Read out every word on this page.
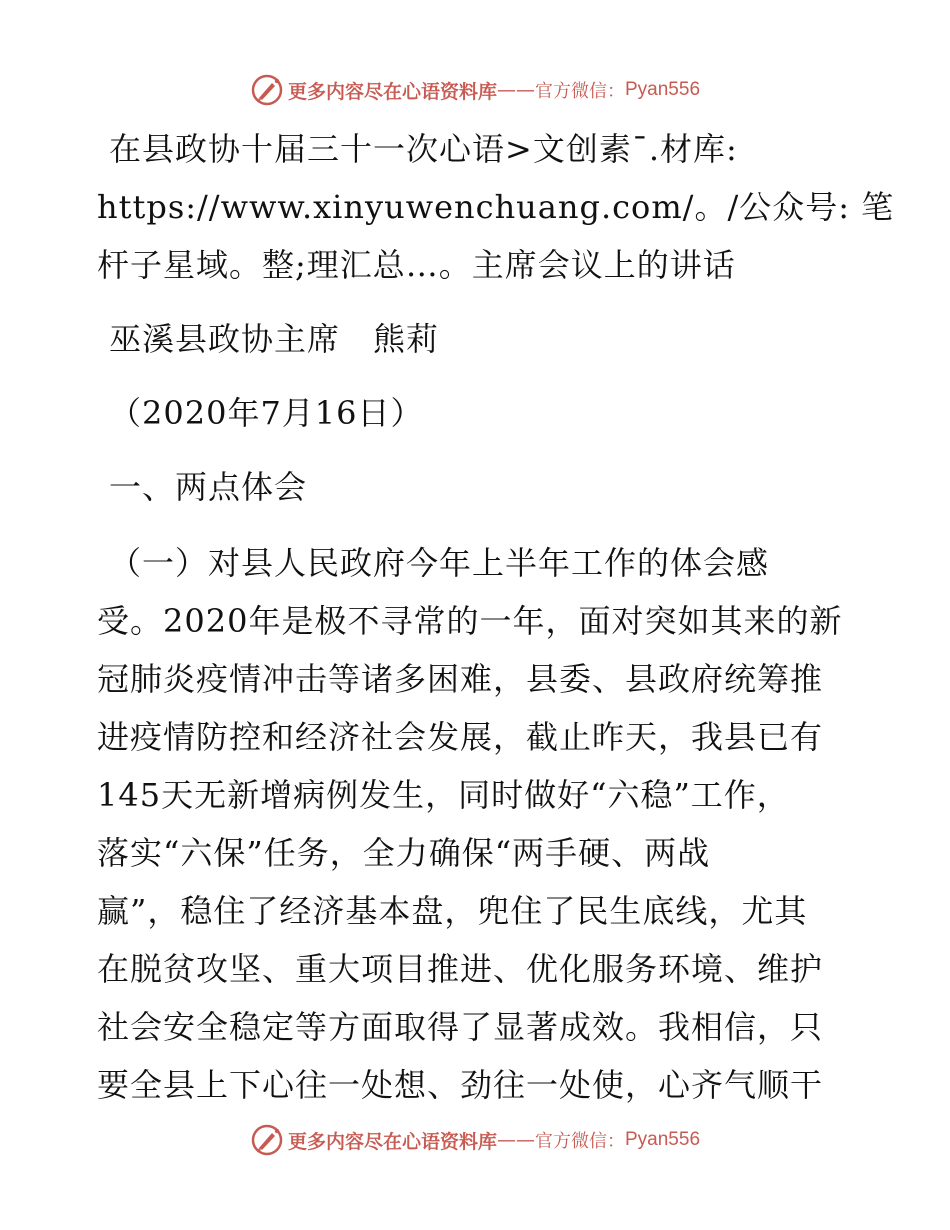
更多内容尽在心语资料库 —— 官方微信： Pyan556
在县政协十届三十一次心语>文创素¯.材库:
https://www.xinyuwenchuang.com/。/公众号: 笔
杆子星域。整;理汇总…。主席会议上的讲话
巫溪县政协主席　熊莉
（2020年7月16日）
一、两点体会
（一）对县人民政府今年上半年工作的体会感
受。2020年是极不寻常的一年，面对突如其来的新
冠肺炎疫情冲击等诸多困难，县委、县政府统筹推
进疫情防控和经济社会发展，截止昨天，我县已有
145天无新增病例发生，同时做好“六稳”工作，
落实“六保”任务，全力确保“两手硬、两战
赢”，稳住了经济基本盘，兜住了民生底线，尤其
在脱贫攻坚、重大项目推进、优化服务环境、维护
社会安全稳定等方面取得了显著成效。我相信，只
要全县上下心往一处想、劲往一处使，心齐气顺干
更多内容尽在心语资料库 —— 官方微信： Pyan556
